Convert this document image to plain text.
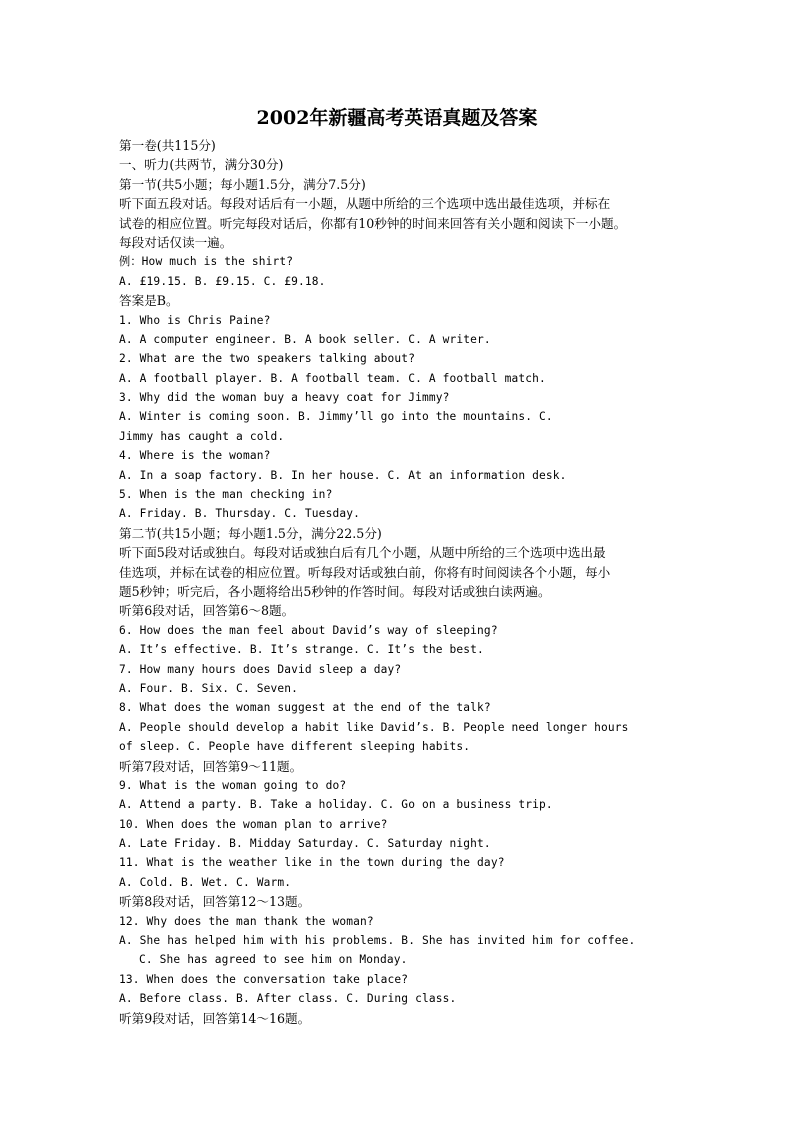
2002年新疆高考英语真题及答案
第一卷(共115分)
一、听力(共两节，满分30分)
第一节(共5小题；每小题1.5分，满分7.5分)
听下面五段对话。每段对话后有一小题，从题中所给的三个选项中选出最佳选项，并标在
试卷的相应位置。听完每段对话后，你都有10秒钟的时间来回答有关小题和阅读下一小题。
每段对话仅读一遍。
例：How much is the shirt?
A. £19.15. B. £9.15. C. £9.18.
答案是B。
1. Who is Chris Paine?
A. A computer engineer. B. A book seller. C. A writer.
2. What are the two speakers talking about?
A. A football player. B. A football team. C. A football match.
3. Why did the woman buy a heavy coat for Jimmy?
A. Winter is coming soon. B. Jimmy’ll go into the mountains. C.
Jimmy has caught a cold.
4. Where is the woman?
A. In a soap factory. B. In her house. C. At an information desk.
5. When is the man checking in?
A. Friday. B. Thursday. C. Tuesday.
第二节(共15小题；每小题1.5分，满分22.5分)
听下面5段对话或独白。每段对话或独白后有几个小题，从题中所给的三个选项中选出最
佳选项，并标在试卷的相应位置。听每段对话或独白前，你将有时间阅读各个小题，每小
题5秒钟；听完后，各小题将给出5秒钟的作答时间。每段对话或独白读两遍。
听第6段对话，回答第6～8题。
6. How does the man feel about David’s way of sleeping?
A. It’s effective. B. It’s strange. C. It’s the best.
7. How many hours does David sleep a day?
A. Four. B. Six. C. Seven.
8. What does the woman suggest at the end of the talk?
A. People should develop a habit like David’s. B. People need longer hours
of sleep. C. People have different sleeping habits.
听第7段对话，回答第9～11题。
9. What is the woman going to do?
A. Attend a party. B. Take a holiday. C. Go on a business trip.
10. When does the woman plan to arrive?
A. Late Friday. B. Midday Saturday. C. Saturday night.
11. What is the weather like in the town during the day?
A. Cold. B. Wet. C. Warm.
听第8段对话，回答第12～13题。
12. Why does the man thank the woman?
A. She has helped him with his problems. B. She has invited him for coffee.
C. She has agreed to see him on Monday.
13. When does the conversation take place?
A. Before class. B. After class. C. During class.
听第9段对话，回答第14～16题。
